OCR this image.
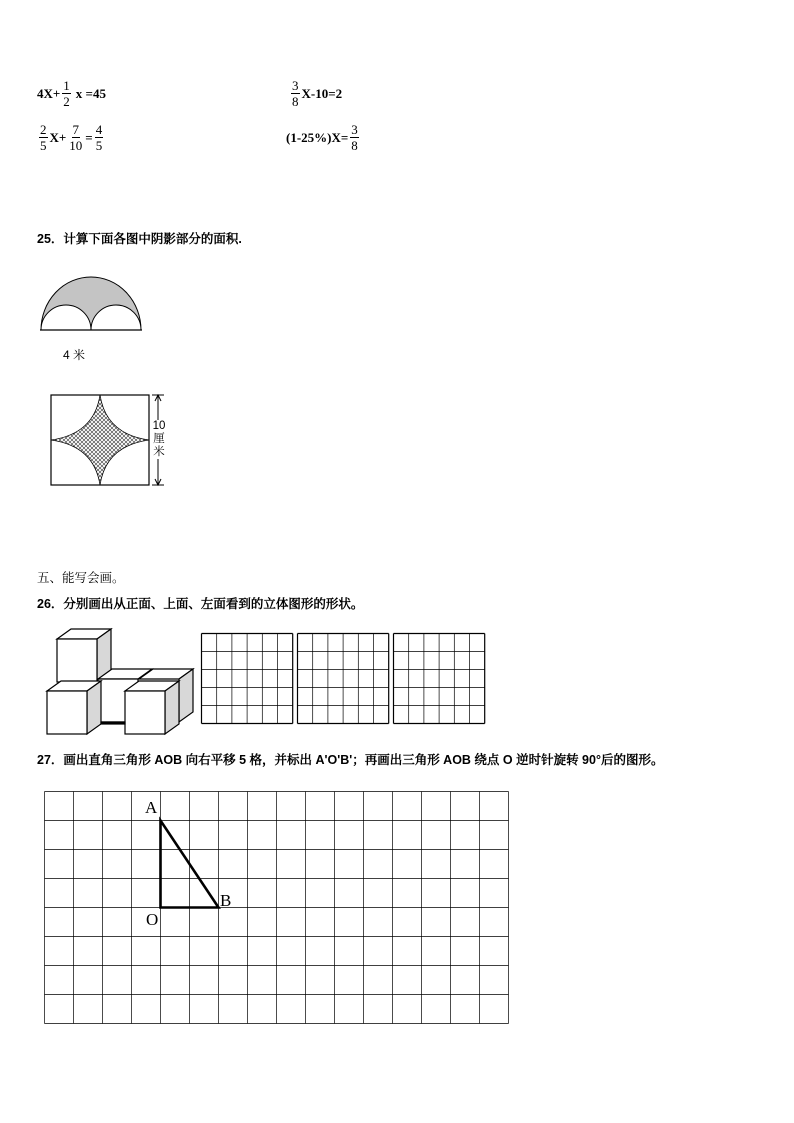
$4X+ \frac{1}{2}$ x =45	$\frac{3}{8} X-10=2$
$\frac{2}{5} X+ \frac{7}{10} = \frac{4}{5}$	$(1-25\%)X= \frac{3}{8}$
25．计算下面各图中阴影部分的面积.
4 米
10
厘
米
五、能写会画。
26．分别画出从正面、上面、左面看到的立体图形的形状。
27．画出直角三角形 AOB 向右平移 5 格，并标出 A'O'B'；再画出三角形 AOB 绕点 O 逆时针旋转 90°后的图形。
A
B
O
